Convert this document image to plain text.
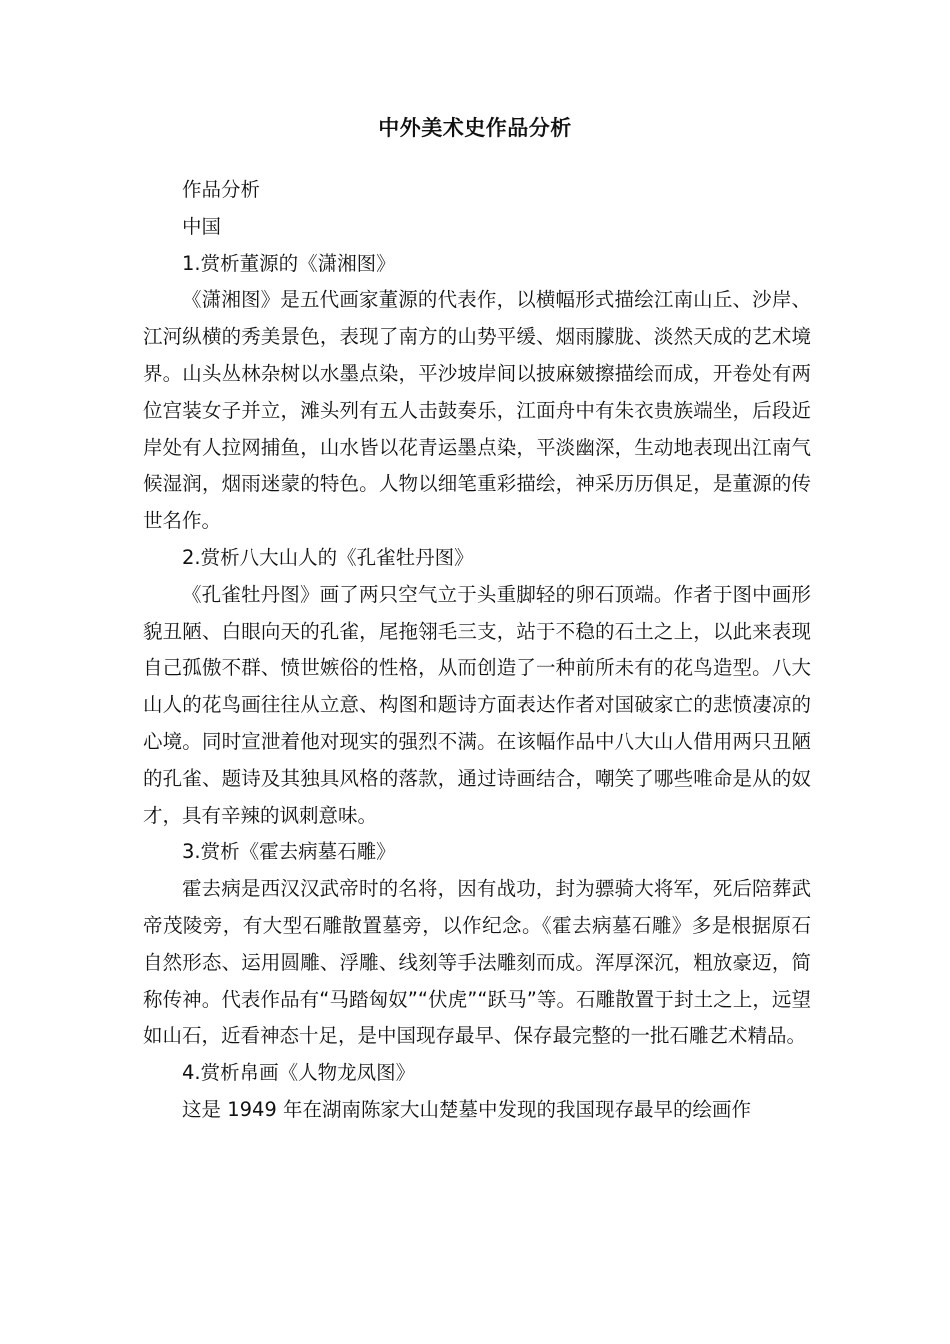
中外美术史作品分析

作品分析

中国

1.赏析董源的《潇湘图》

《潇湘图》是五代画家董源的代表作，以横幅形式描绘江南山丘、沙岸、江河纵横的秀美景色，表现了南方的山势平缓、烟雨朦胧、淡然天成的艺术境界。山头丛林杂树以水墨点染，平沙坡岸间以披麻皴擦描绘而成，开卷处有两位宫装女子并立，滩头列有五人击鼓奏乐，江面舟中有朱衣贵族端坐，后段近岸处有人拉网捕鱼，山水皆以花青运墨点染，平淡幽深，生动地表现出江南气候湿润，烟雨迷蒙的特色。人物以细笔重彩描绘，神采历历俱足，是董源的传世名作。

2.赏析八大山人的《孔雀牡丹图》

《孔雀牡丹图》画了两只空气立于头重脚轻的卵石顶端。作者于图中画形貌丑陋、白眼向天的孔雀，尾拖翎毛三支，站于不稳的石土之上，以此来表现自己孤傲不群、愤世嫉俗的性格，从而创造了一种前所未有的花鸟造型。八大山人的花鸟画往往从立意、构图和题诗方面表达作者对国破家亡的悲愤凄凉的心境。同时宣泄着他对现实的强烈不满。在该幅作品中八大山人借用两只丑陋的孔雀、题诗及其独具风格的落款，通过诗画结合，嘲笑了哪些唯命是从的奴才，具有辛辣的讽刺意味。

3.赏析《霍去病墓石雕》

霍去病是西汉汉武帝时的名将，因有战功，封为骠骑大将军，死后陪葬武帝茂陵旁，有大型石雕散置墓旁，以作纪念。《霍去病墓石雕》多是根据原石自然形态、运用圆雕、浮雕、线刻等手法雕刻而成。浑厚深沉，粗放豪迈，简称传神。代表作品有“马踏匈奴”“伏虎”“跃马”等。石雕散置于封土之上，远望如山石，近看神态十足，是中国现存最早、保存最完整的一批石雕艺术精品。

4.赏析帛画《人物龙凤图》

这是 1949 年在湖南陈家大山楚墓中发现的我国现存最早的绘画作
